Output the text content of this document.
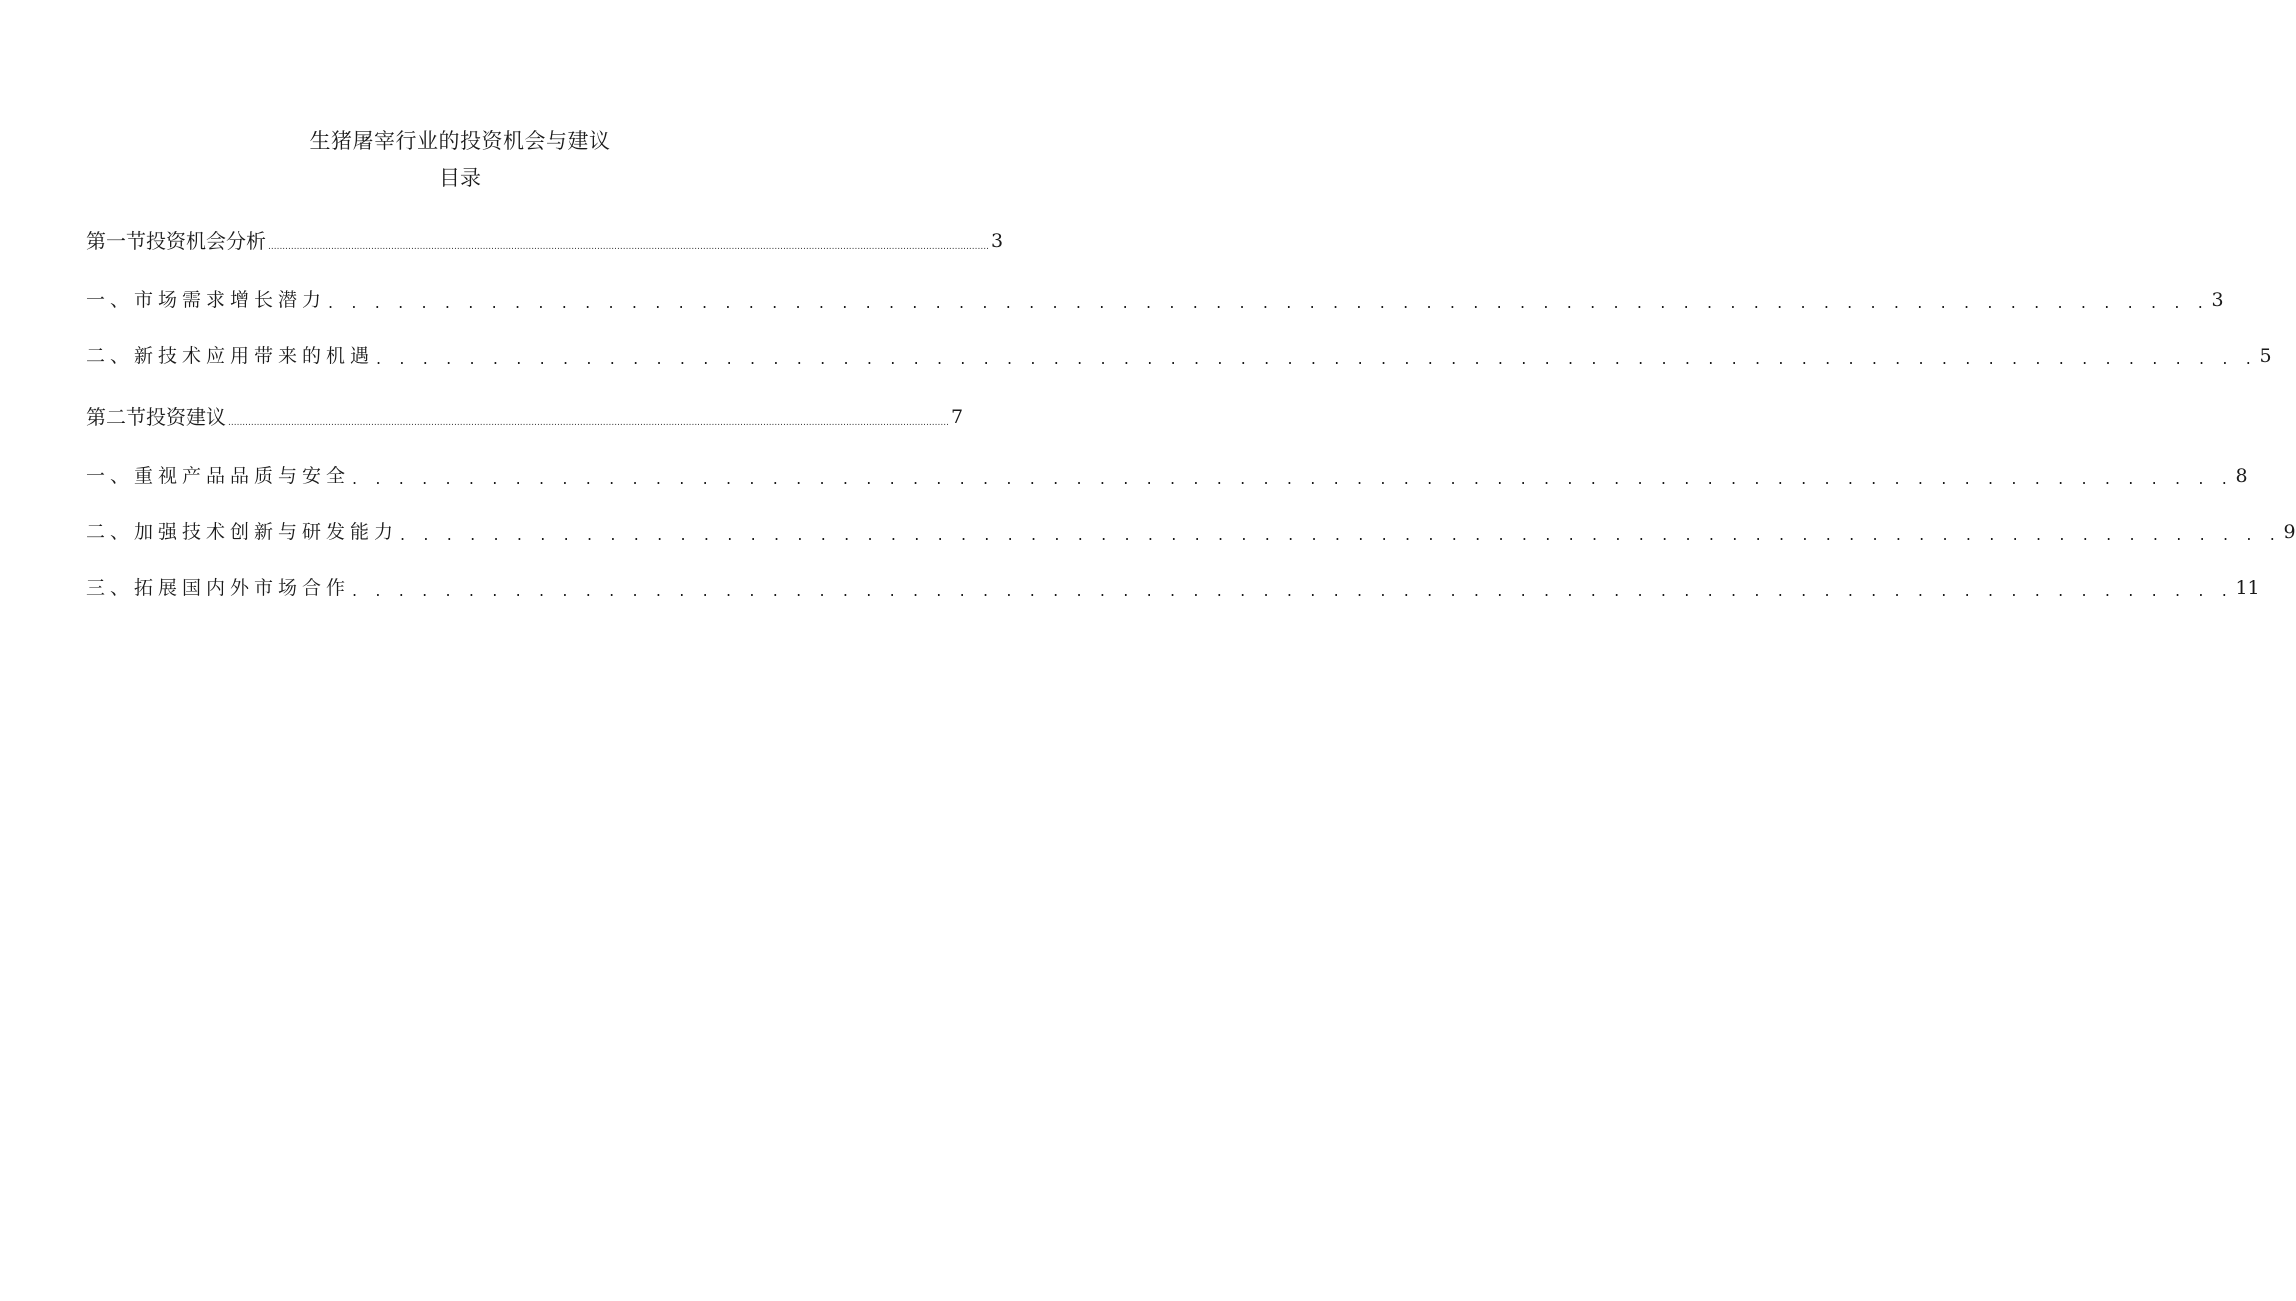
生猪屠宰行业的投资机会与建议
目录
第一节投资机会分析 ............................................................................................................................................................................................................................................................ 3
一、市场需求增长潜力 . . . . . . . . . . . . . . . . . . . . . . . . . . . . . . . . . . . . . . . . . . . . . . . . . . . . . . . . . . . . . . . . . . . . . . . . . . . . . . . . . 3
二、新技术应用带来的机遇 . . . . . . . . . . . . . . . . . . . . . . . . . . . . . . . . . . . . . . . . . . . . . . . . . . . . . . . . . . . . . . . . . . . . . . . . . . . . . . . . . 5
第二节投资建议 ............................................................................................................................................................................................................................................................ 7
一、重视产品品质与安全 . . . . . . . . . . . . . . . . . . . . . . . . . . . . . . . . . . . . . . . . . . . . . . . . . . . . . . . . . . . . . . . . . . . . . . . . . . . . . . . . . 8
二、加强技术创新与研发能力 . . . . . . . . . . . . . . . . . . . . . . . . . . . . . . . . . . . . . . . . . . . . . . . . . . . . . . . . . . . . . . . . . . . . . . . . . . . . . . . . . 9
三、拓展国内外市场合作 . . . . . . . . . . . . . . . . . . . . . . . . . . . . . . . . . . . . . . . . . . . . . . . . . . . . . . . . . . . . . . . . . . . . . . . . . . . . . . . . . 11
